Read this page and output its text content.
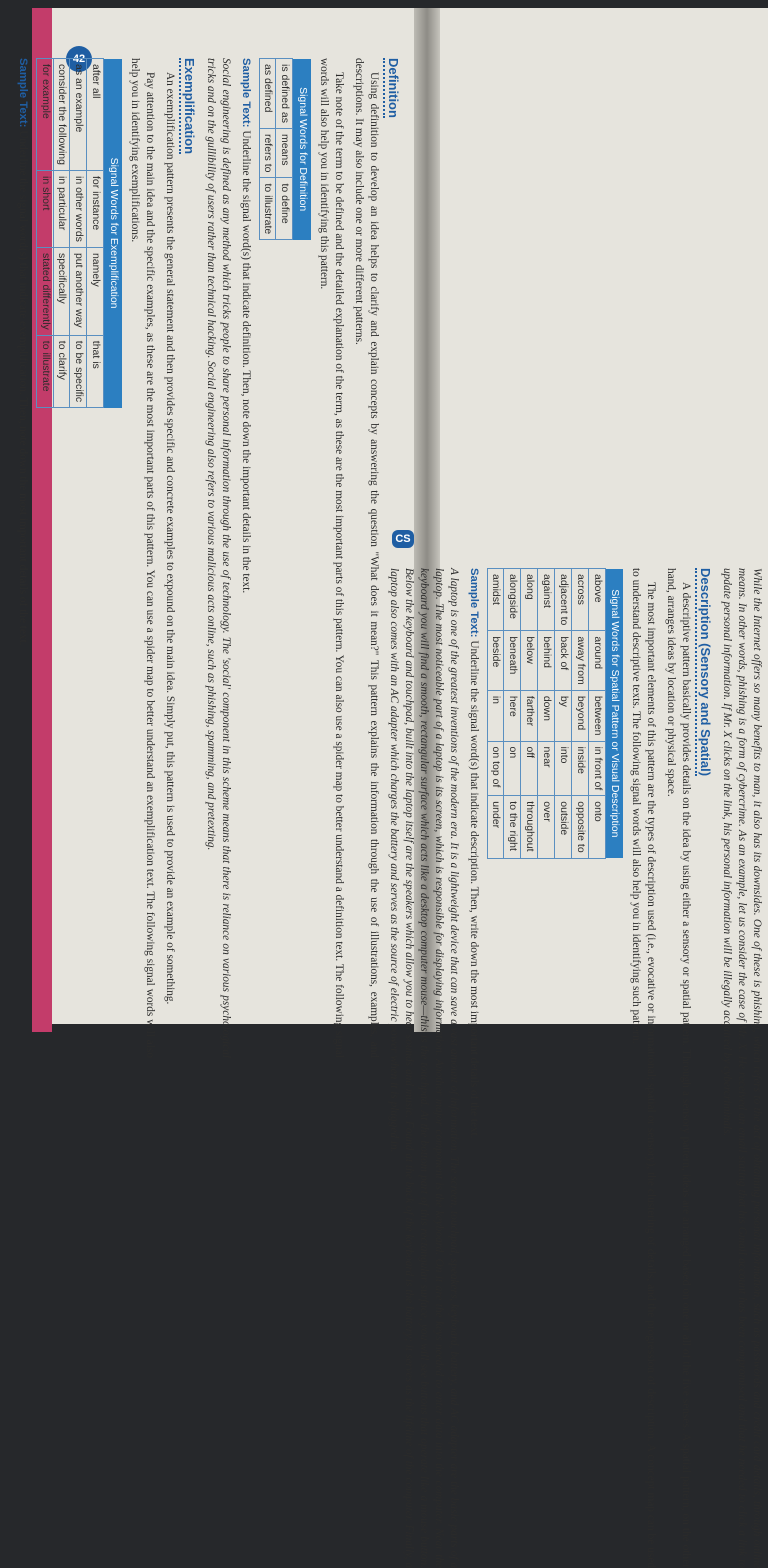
42
CS
Definition

Using definition to develop an idea helps to clarify and explain concepts by answering the question "What does it mean?" This pattern explains the information through the use of illustrations, examples, and descriptions. It may also include one or more different patterns.

Take note of the term to be defined and the detailed explanation of the term, as these are the most important parts of this pattern. You can also use a spider map to better understand a definition text. The following signal words will also help you in identifying this pattern.

Signal Words for Definition		
is defined as	means	to define
as defined	refers to	to illustrate

Sample Text: Underline the signal word(s) that indicate definition. Then, note down the important details in the text.

Social engineering is defined as any method which tricks people to share personal information through the use of technology. The 'social' component in this scheme means that there is reliance on various psychological tricks and on the gullibility of users rather than technical hacking. Social engineering also refers to various malicious acts online, such as phishing, spamming, and pretexting.

Exemplification

An exemplification pattern presents the general statement and then provides specific and concrete examples to expound on the main idea. Simply put, this pattern is used to provide an example of something.

Pay attention to the main idea and the specific examples, as these are the most important parts of this pattern. You can use a spider map to better understand an exemplification text. The following signal words will also help you in identifying exemplifications.

Signal Words for Exemplification			
after all	for instance	namely	that is
as an example	in other words	put another way	to be specific
consider the following	in particular	specifically	to clarify
for example	in short	stated differently	to illustrate

Sample Text: Underline the signal word(s) that indicate exemplification. Then, note down the most important details of the text.

While the Internet offers so many benefits to man, it also has its downsides. One of these is phishing, which refers to the act of obtaining personal information, such as passwords and credit card details, through online means. In other words, phishing is a form of cybercrime. As an example, let us consider the case of Mr. X. He received an email stating that his Gmail account has been compromised and that he needed to click a link to update personal information. If Mr. X clicks on the link, his personal information will be illegally acquired by cybercriminals.

Description (Sensory and Spatial)

A descriptive pattern basically provides details on the idea by using either a sensory or spatial pattern. Through a sensory pattern, ideas are arranged based on one or all of the five senses. A spatial pattern, on the other hand, arranges ideas by location or physical space.

The most important elements of this pattern are the types of description used (i.e., evocative or informational; spatial or sensory), the clustering of details, and the progression of description. A concept map can be used to understand descriptive texts. The following signal words will also help you in identifying such pattern.

Signal Words for Spatial Pattern or Visual Description				
above	around	between	in front of	onto
across	away from	beyond	inside	opposite to
adjacent to	back of	by	into	outside
against	behind	down	near	over
along	below	farther	off	throughout
alongside	beneath	here	on	to the right
amidst	beside	in	on top of	under

Sample Text: Underline the signal word(s) that indicate description. Then, write down the most important details of the text.

A laptop is one of the greatest inventions of the modern era. It is a lightweight device that can save a vast amount of information. The screen, touchpad, speakers, keyboard, battery, and AC adapter are the basic parts of a laptop. The most noticeable part of a laptop is its screen, which is responsible for displaying information. Another major component is the keyboard. On it are the keys needed to enter data into the computer. Near the keyboard you will find a smooth, rectangular surface which acts like a desktop computer mouse—this is the touchpad. At the bottom part of this rectangular surface, you will see buttons that operate like a mouse button. Below the keyboard and touchpad, built into the laptop itself are the speakers which allow you to hear sounds and music. Found at the back of the keyboard is the battery; it serves as the lifeline of the computer. Finally, a laptop also comes with an AC adapter which charges the battery and serves as the source of electric power when it is plugged in.
